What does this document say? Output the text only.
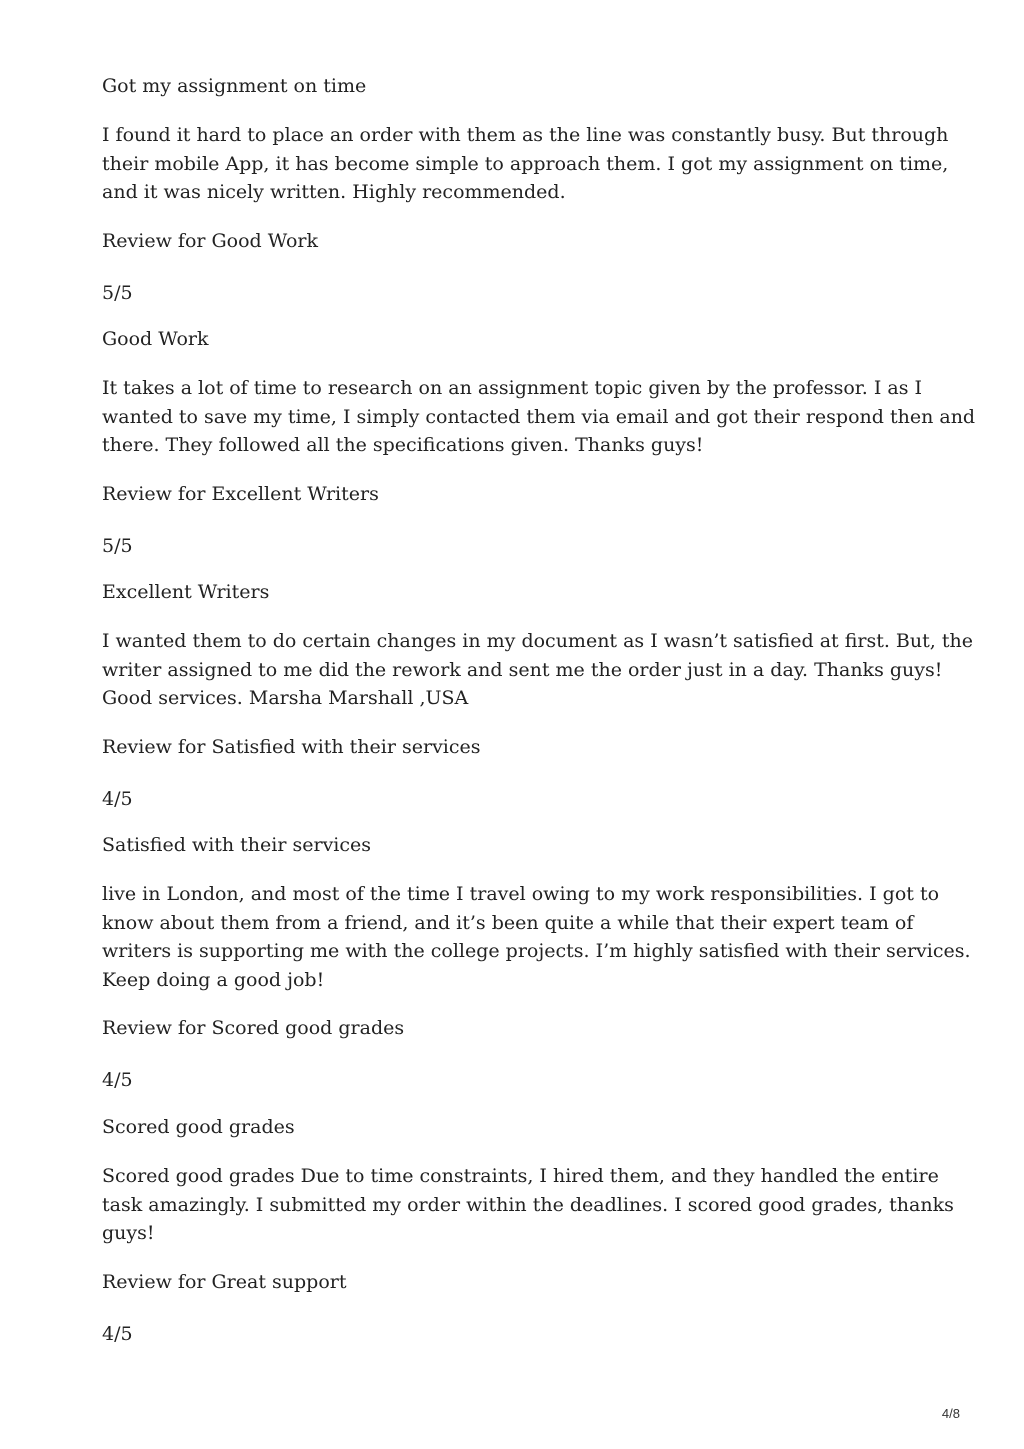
Got my assignment on time

I found it hard to place an order with them as the line was constantly busy. But through
their mobile App, it has become simple to approach them. I got my assignment on time,
and it was nicely written. Highly recommended.

Review for Good Work

5/5

Good Work

It takes a lot of time to research on an assignment topic given by the professor. I as I
wanted to save my time, I simply contacted them via email and got their respond then and
there. They followed all the specifications given. Thanks guys!

Review for Excellent Writers

5/5

Excellent Writers

I wanted them to do certain changes in my document as I wasn’t satisfied at first. But, the
writer assigned to me did the rework and sent me the order just in a day. Thanks guys!
Good services. Marsha Marshall ,USA

Review for Satisfied with their services

4/5

Satisfied with their services

live in London, and most of the time I travel owing to my work responsibilities. I got to
know about them from a friend, and it’s been quite a while that their expert team of
writers is supporting me with the college projects. I’m highly satisfied with their services.
Keep doing a good job!

Review for Scored good grades

4/5

Scored good grades

Scored good grades Due to time constraints, I hired them, and they handled the entire
task amazingly. I submitted my order within the deadlines. I scored good grades, thanks
guys!

Review for Great support

4/5

4/8
